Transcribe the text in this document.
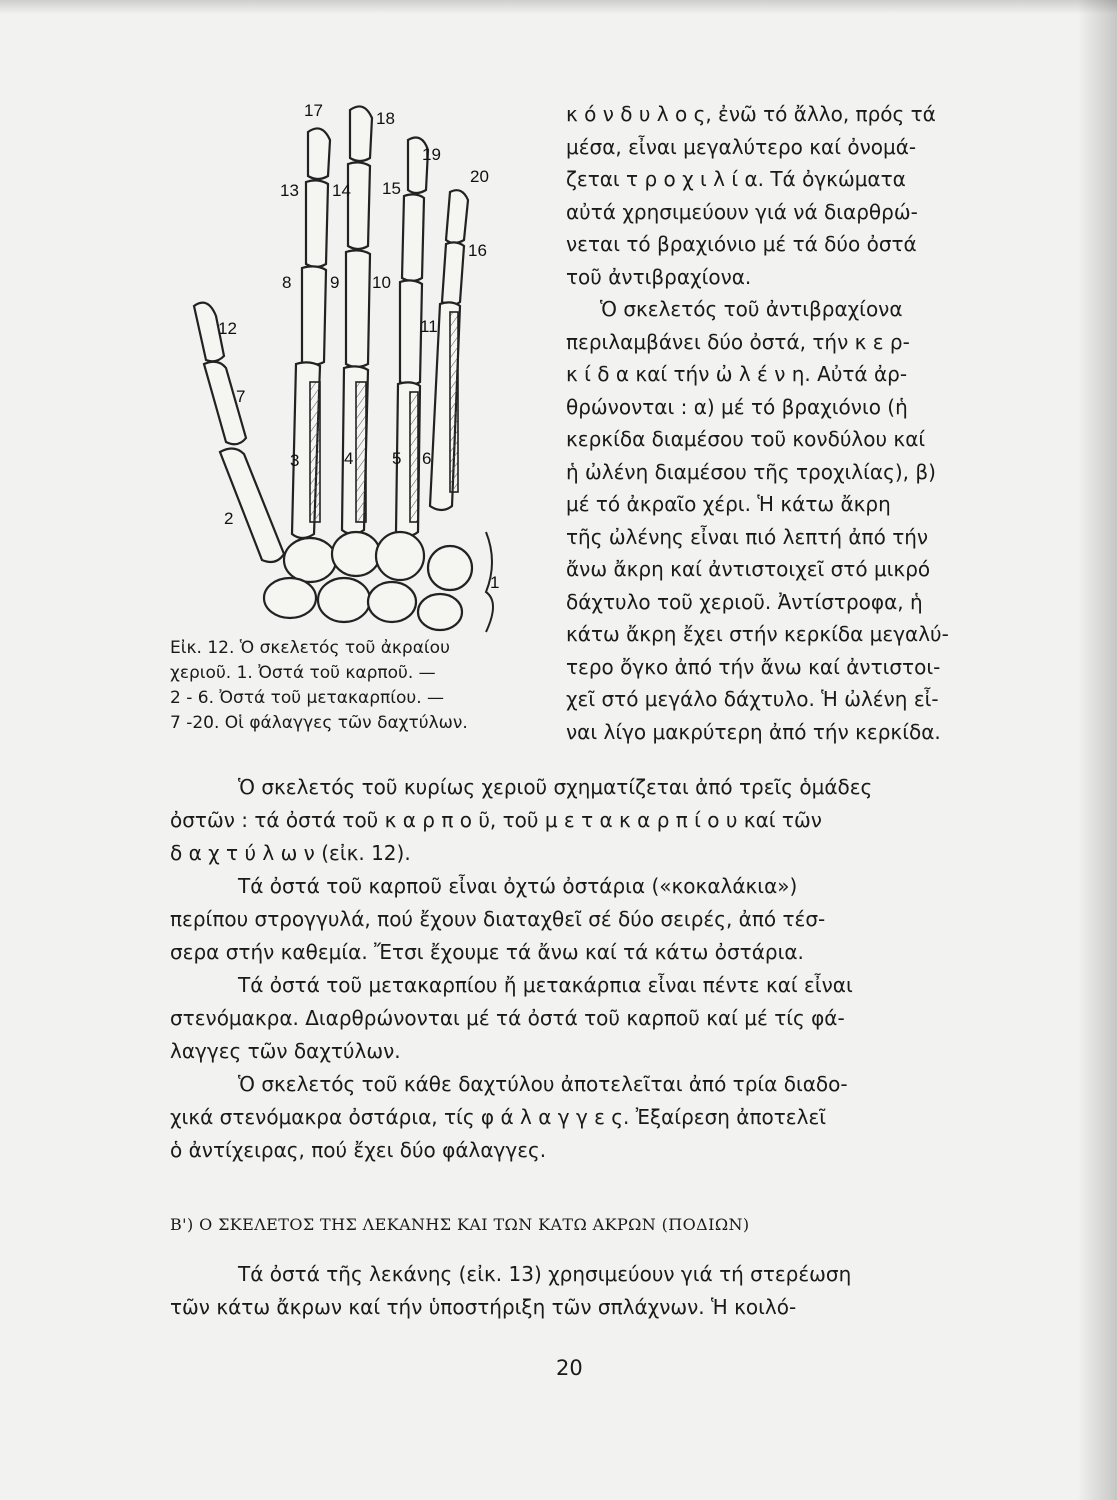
17	18
19
20
13 14 15
16
8 9 10
11
12
7
3	4 5 6
2
1

Εἰκ. 12. Ὁ σκελετός τοῦ ἀκραίου

χεριοῦ. 1. Ὀστά τοῦ καρποῦ. —

2 - 6. Ὀστά τοῦ μετακαρπίου. —

7 -20. Οἱ φάλαγγες τῶν δαχτύλων.

κ ό ν δ υ λ ο ς, ἐνῶ τό ἄλλο, πρός τά

μέσα, εἶναι μεγαλύτερο καί ὀνομά-

ζεται τ ρ ο χ ι λ ί α. Τά ὀγκώματα

αὐτά χρησιμεύουν γιά νά διαρθρώ-

νεται τό βραχιόνιο μέ τά δύο ὀστά

τοῦ ἀντιβραχίονα.

Ὁ σκελετός τοῦ ἀντιβραχίονα

περιλαμβάνει δύο ὀστά, τήν κ ε ρ-

κ ί δ α καί τήν ὠ λ έ ν η. Αὐτά ἀρ-

θρώνονται : α) μέ τό βραχιόνιο (ἡ

κερκίδα διαμέσου τοῦ κονδύλου καί

ἡ ὠλένη διαμέσου τῆς τροχιλίας), β)

μέ τό ἀκραῖο χέρι. Ἡ κάτω ἄκρη

τῆς ὠλένης εἶναι πιό λεπτή ἀπό τήν

ἄνω ἄκρη καί ἀντιστοιχεῖ στό μικρό

δάχτυλο τοῦ χεριοῦ. Ἀντίστροφα, ἡ

κάτω ἄκρη ἔχει στήν κερκίδα μεγαλύ-

τερο ὄγκο ἀπό τήν ἄνω καί ἀντιστοι-

χεῖ στό μεγάλο δάχτυλο. Ἡ ὠλένη εἶ-

ναι λίγο μακρύτερη ἀπό τήν κερκίδα.

Ὁ σκελετός τοῦ κυρίως χεριοῦ σχηματίζεται ἀπό τρεῖς ὁμάδες

ὀστῶν : τά ὀστά τοῦ κ α ρ π ο ῦ, τοῦ μ ε τ α κ α ρ π ί ο υ καί τῶν

δ α χ τ ύ λ ω ν (εἰκ. 12).

Τά ὀστά τοῦ καρποῦ εἶναι ὀχτώ ὀστάρια («κοκαλάκια»)

περίπου στρογγυλά, πού ἔχουν διαταχθεῖ σέ δύο σειρές, ἀπό τέσ-

σερα στήν καθεμία. Ἔτσι ἔχουμε τά ἄνω καί τά κάτω ὀστάρια.

Τά ὀστά τοῦ μετακαρπίου ἤ μετακάρπια εἶναι πέντε καί εἶναι

στενόμακρα. Διαρθρώνονται μέ τά ὀστά τοῦ καρποῦ καί μέ τίς φά-

λαγγες τῶν δαχτύλων.

Ὁ σκελετός τοῦ κάθε δαχτύλου ἀποτελεῖται ἀπό τρία διαδο-

χικά στενόμακρα ὀστάρια, τίς φ ά λ α γ γ ε ς. Ἐξαίρεση ἀποτελεῖ

ὁ ἀντίχειρας, πού ἔχει δύο φάλαγγες.

Β') Ο ΣΚΕΛΕΤΟΣ ΤΗΣ ΛΕΚΑΝΗΣ ΚΑΙ ΤΩΝ ΚΑΤΩ ΑΚΡΩΝ (ΠΟΔΙΩΝ)

Τά ὀστά τῆς λεκάνης (εἰκ. 13) χρησιμεύουν γιά τή στερέωση

τῶν κάτω ἄκρων καί τήν ὑποστήριξη τῶν σπλάχνων. Ἡ κοιλό-

20
